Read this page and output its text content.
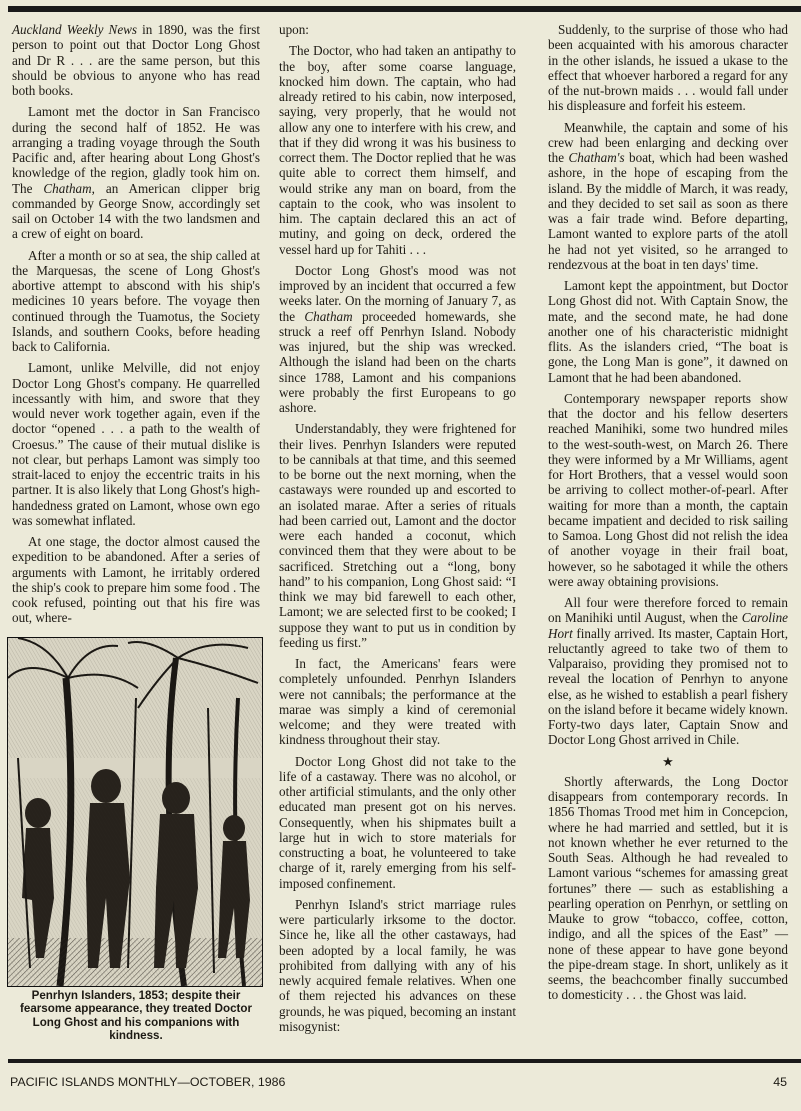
Auckland Weekly News in 1890, was the first person to point out that Doctor Long Ghost and Dr R . . . are the same person, but this should be obvious to anyone who has read both books.

Lamont met the doctor in San Francisco during the second half of 1852. He was arranging a trading voyage through the South Pacific and, after hearing about Long Ghost's knowledge of the region, gladly took him on. The Chatham, an American clipper brig commanded by George Snow, accordingly set sail on October 14 with the two landsmen and a crew of eight on board.

After a month or so at sea, the ship called at the Marquesas, the scene of Long Ghost's abortive attempt to abscond with his ship's medicines 10 years before. The voyage then continued through the Tuamotus, the Society Islands, and southern Cooks, before heading back to California.

Lamont, unlike Melville, did not enjoy Doctor Long Ghost's company. He quarrelled incessantly with him, and swore that they would never work together again, even if the doctor “opened . . . a path to the wealth of Croesus.” The cause of their mutual dislike is not clear, but perhaps Lamont was simply too strait-laced to enjoy the eccentric traits in his partner. It is also likely that Long Ghost's high-handedness grated on Lamont, whose own ego was somewhat inflated.

At one stage, the doctor almost caused the expedition to be abandoned. After a series of arguments with Lamont, he irritably ordered the ship's cook to prepare him some food . The cook refused, pointing out that his fire was out, where-

Penrhyn Islanders, 1853; despite their fearsome appearance, they treated Doctor Long Ghost and his companions with kindness.

upon:

The Doctor, who had taken an antipathy to the boy, after some coarse language, knocked him down. The captain, who had already retired to his cabin, now interposed, saying, very properly, that he would not allow any one to interfere with his crew, and that if they did wrong it was his business to correct them. The Doctor replied that he was quite able to correct them himself, and would strike any man on board, from the captain to the cook, who was insolent to him. The captain declared this an act of mutiny, and going on deck, ordered the vessel hard up for Tahiti . . .

Doctor Long Ghost's mood was not improved by an incident that occurred a few weeks later. On the morning of January 7, as the Chatham proceeded homewards, she struck a reef off Penrhyn Island. Nobody was injured, but the ship was wrecked. Although the island had been on the charts since 1788, Lamont and his companions were probably the first Europeans to go ashore.

Understandably, they were frightened for their lives. Penrhyn Islanders were reputed to be cannibals at that time, and this seemed to be borne out the next morning, when the castaways were rounded up and escorted to an isolated marae. After a series of rituals had been carried out, Lamont and the doctor were each handed a coconut, which convinced them that they were about to be sacrificed. Stretching out a “long, bony hand” to his companion, Long Ghost said: “I think we may bid farewell to each other, Lamont; we are selected first to be cooked; I suppose they want to put us in condition by feeding us first.”

In fact, the Americans' fears were completely unfounded. Penrhyn Islanders were not cannibals; the performance at the marae was simply a kind of ceremonial welcome; and they were treated with kindness throughout their stay.

Doctor Long Ghost did not take to the life of a castaway. There was no alcohol, or other artificial stimulants, and the only other educated man present got on his nerves. Consequently, when his shipmates built a large hut in wich to store materials for constructing a boat, he volunteered to take charge of it, rarely emerging from his self-imposed confinement.

Penrhyn Island's strict marriage rules were particularly irksome to the doctor. Since he, like all the other castaways, had been adopted by a local family, he was prohibited from dallying with any of his newly acquired female relatives. When one of them rejected his advances on these grounds, he was piqued, becoming an instant misogynist:

Suddenly, to the surprise of those who had been acquainted with his amorous character in the other islands, he issued a ukase to the effect that whoever harbored a regard for any of the nut-brown maids . . . would fall under his displeasure and forfeit his esteem.

Meanwhile, the captain and some of his crew had been enlarging and decking over the Chatham's boat, which had been washed ashore, in the hope of escaping from the island. By the middle of March, it was ready, and they decided to set sail as soon as there was a fair trade wind. Before departing, Lamont wanted to explore parts of the atoll he had not yet visited, so he arranged to rendezvous at the boat in ten days' time.

Lamont kept the appointment, but Doctor Long Ghost did not. With Captain Snow, the mate, and the second mate, he had done another one of his characteristic midnight flits. As the islanders cried, “The boat is gone, the Long Man is gone”, it dawned on Lamont that he had been abandoned.

Contemporary newspaper reports show that the doctor and his fellow deserters reached Manihiki, some two hundred miles to the west-south-west, on March 26. There they were informed by a Mr Williams, agent for Hort Brothers, that a vessel would soon be arriving to collect mother-of-pearl. After waiting for more than a month, the captain became impatient and decided to risk sailing to Samoa. Long Ghost did not relish the idea of another voyage in their frail boat, however, so he sabotaged it while the others were away obtaining provisions.

All four were therefore forced to remain on Manihiki until August, when the Caroline Hort finally arrived. Its master, Captain Hort, reluctantly agreed to take two of them to Valparaiso, providing they promised not to reveal the location of Penrhyn to anyone else, as he wished to establish a pearl fishery on the island before it became widely known. Forty-two days later, Captain Snow and Doctor Long Ghost arrived in Chile.

★

Shortly afterwards, the Long Doctor disappears from contemporary records. In 1856 Thomas Trood met him in Concepcion, where he had married and settled, but it is not known whether he ever returned to the South Seas. Although he had revealed to Lamont various “schemes for amassing great fortunes” there — such as establishing a pearling operation on Penrhyn, or settling on Mauke to grow “tobacco, coffee, cotton, indigo, and all the spices of the East” — none of these appear to have gone beyond the pipe-dream stage. In short, unlikely as it seems, the beachcomber finally succumbed to domesticity . . . the Ghost was laid.

PACIFIC ISLANDS MONTHLY—OCTOBER, 1986	45
